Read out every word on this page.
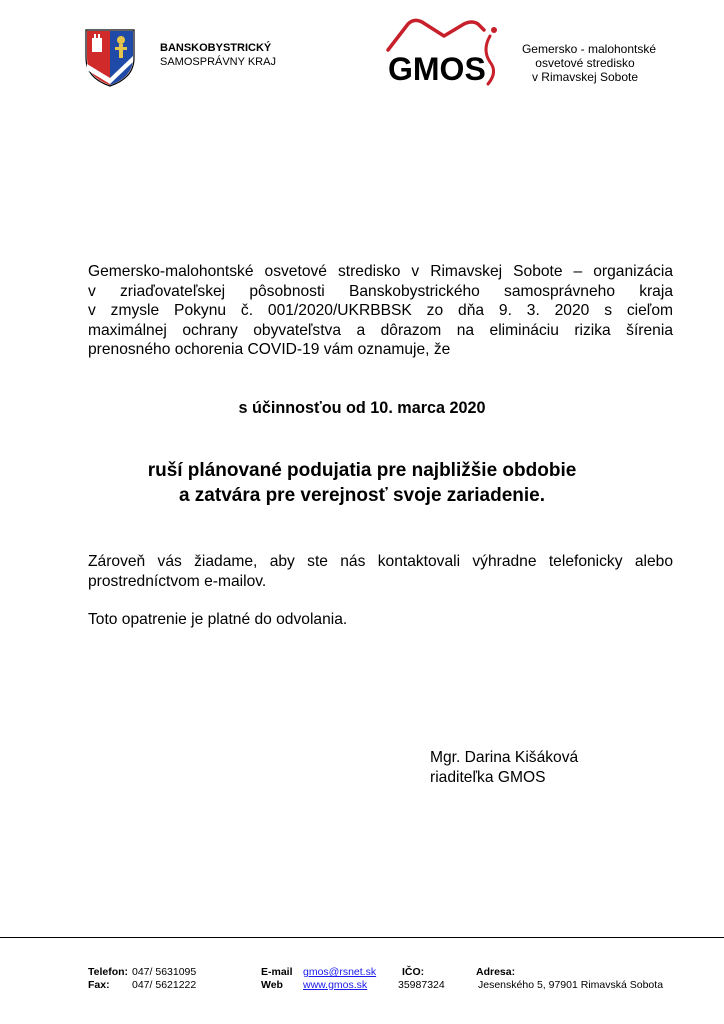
BANSKOBYSTRICKÝ
SAMOSPRÁVNY KRAJ	GMOS
Gemersko - malohontské
osvetové stredisko
v Rimavskej Sobote
Gemersko-malohontské osvetové stredisko v Rimavskej Sobote – organizácia
v zriaďovateľskej pôsobnosti Banskobystrického samosprávneho kraja
v zmysle Pokynu č. 001/2020/UKRBBSK zo dňa 9. 3. 2020 s cieľom
maximálnej ochrany obyvateľstva a dôrazom na elimináciu rizika šírenia
prenosného ochorenia COVID-19 vám oznamuje, že
s účinnosťou od 10. marca 2020
ruší plánované podujatia pre najbližšie obdobie
a zatvára pre verejnosť svoje zariadenie.
Zároveň vás žiadame, aby ste nás kontaktovali výhradne telefonicky alebo
prostredníctvom e-mailov.
Toto opatrenie je platné do odvolania.
Mgr. Darina Kišáková
riaditeľka GMOS
Telefon: 047/ 5631095
Fax: 047/ 5621222
E-mail gmos@rsnet.sk
Web www.gmos.sk
IČO:
35987324
Adresa:
Jesenského 5, 97901 Rimavská Sobota
